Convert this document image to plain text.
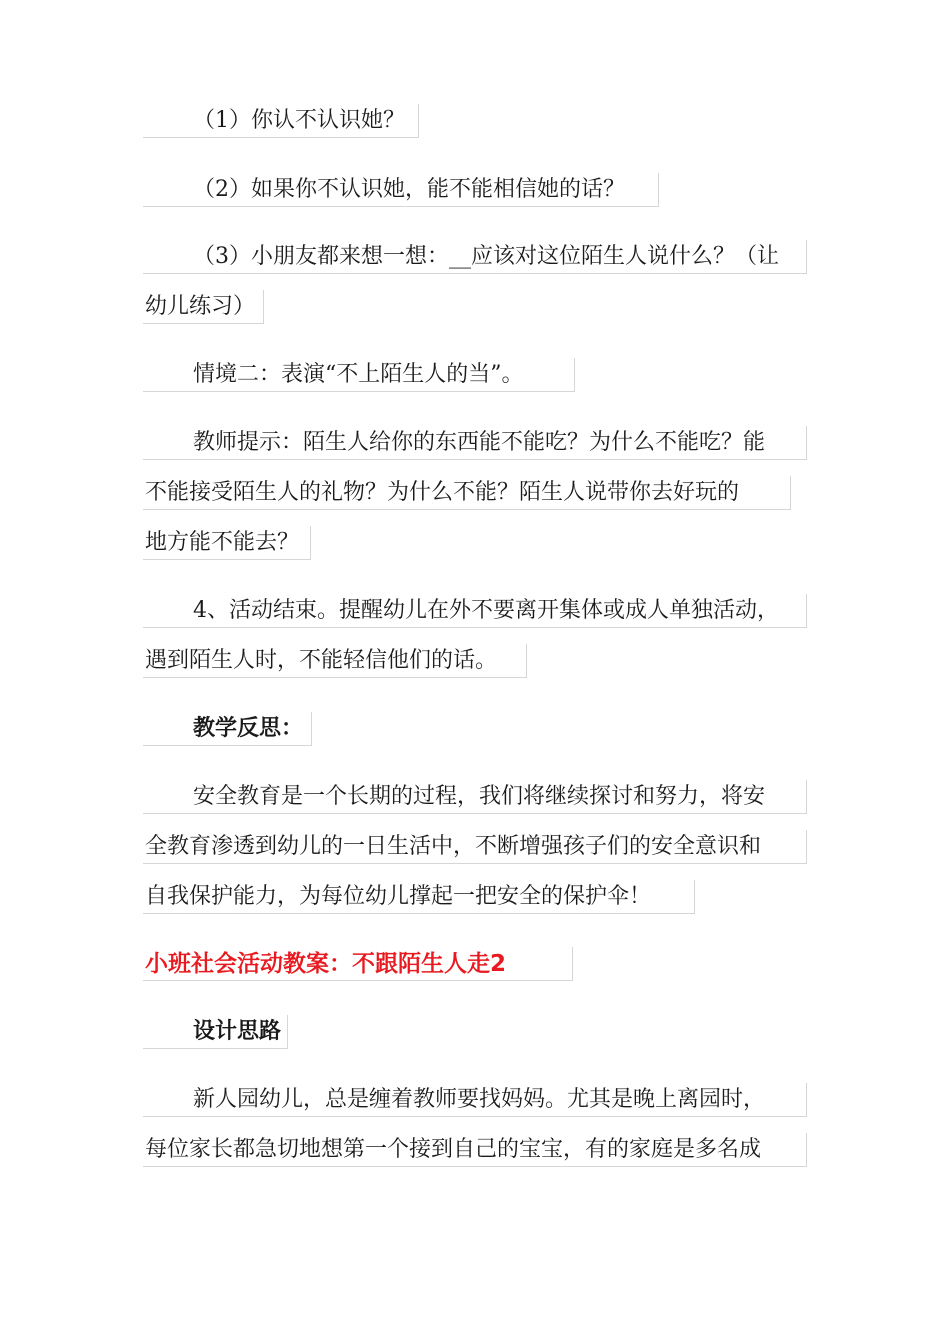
（1）你认不认识她？
（2）如果你不认识她，能不能相信她的话？
（3）小朋友都来想一想：__应该对这位陌生人说什么？（让
幼儿练习）
情境二：表演“不上陌生人的当”。
教师提示：陌生人给你的东西能不能吃？为什么不能吃？能
不能接受陌生人的礼物？为什么不能？陌生人说带你去好玩的
地方能不能去？
4、活动结束。提醒幼儿在外不要离开集体或成人单独活动，
遇到陌生人时，不能轻信他们的话。
教学反思：
安全教育是一个长期的过程，我们将继续探讨和努力，将安
全教育渗透到幼儿的一日生活中，不断增强孩子们的安全意识和
自我保护能力，为每位幼儿撑起一把安全的保护伞！
小班社会活动教案：不跟陌生人走2
设计思路
新人园幼儿，总是缠着教师要找妈妈。尤其是晚上离园时，
每位家长都急切地想第一个接到自己的宝宝，有的家庭是多名成
